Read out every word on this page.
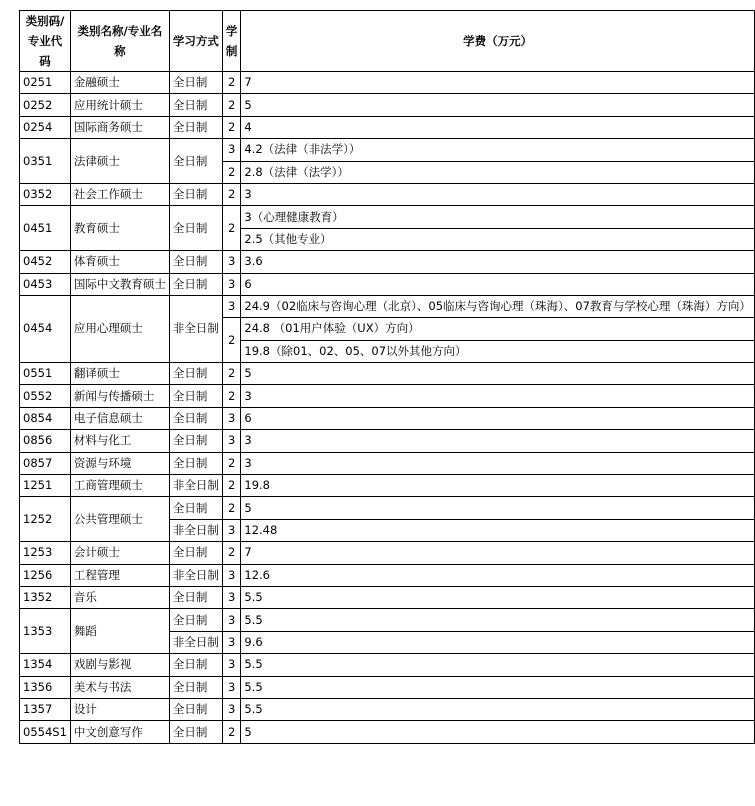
类别码/专业代码	类别名称/专业名称	学习方式	学制	学费（万元）
0251	金融硕士	全日制	2	7
0252	应用统计硕士	全日制	2	5
0254	国际商务硕士	全日制	2	4
0351	法律硕士	全日制	3	4.2（法律（非法学））
			2	2.8（法律（法学））
0352	社会工作硕士	全日制	2	3
0451	教育硕士	全日制	2	3（心理健康教育）
				2.5（其他专业）
0452	体育硕士	全日制	3	3.6
0453	国际中文教育硕士	全日制	3	6
0454	应用心理硕士	非全日制	3	24.9（02临床与咨询心理（北京）、05临床与咨询心理（珠海）、07教育与学校心理（珠海）方向）
			2	24.8 （01用户体验（UX）方向）
				19.8（除01、02、05、07以外其他方向）
0551	翻译硕士	全日制	2	5
0552	新闻与传播硕士	全日制	2	3
0854	电子信息硕士	全日制	3	6
0856	材料与化工	全日制	3	3
0857	资源与环境	全日制	2	3
1251	工商管理硕士	非全日制	2	19.8
1252	公共管理硕士	全日制	2	5
		非全日制	3	12.48
1253	会计硕士	全日制	2	7
1256	工程管理	非全日制	3	12.6
1352	音乐	全日制	3	5.5
1353	舞蹈	全日制	3	5.5
		非全日制	3	9.6
1354	戏剧与影视	全日制	3	5.5
1356	美术与书法	全日制	3	5.5
1357	设计	全日制	3	5.5
0554S1	中文创意写作	全日制	2	5
